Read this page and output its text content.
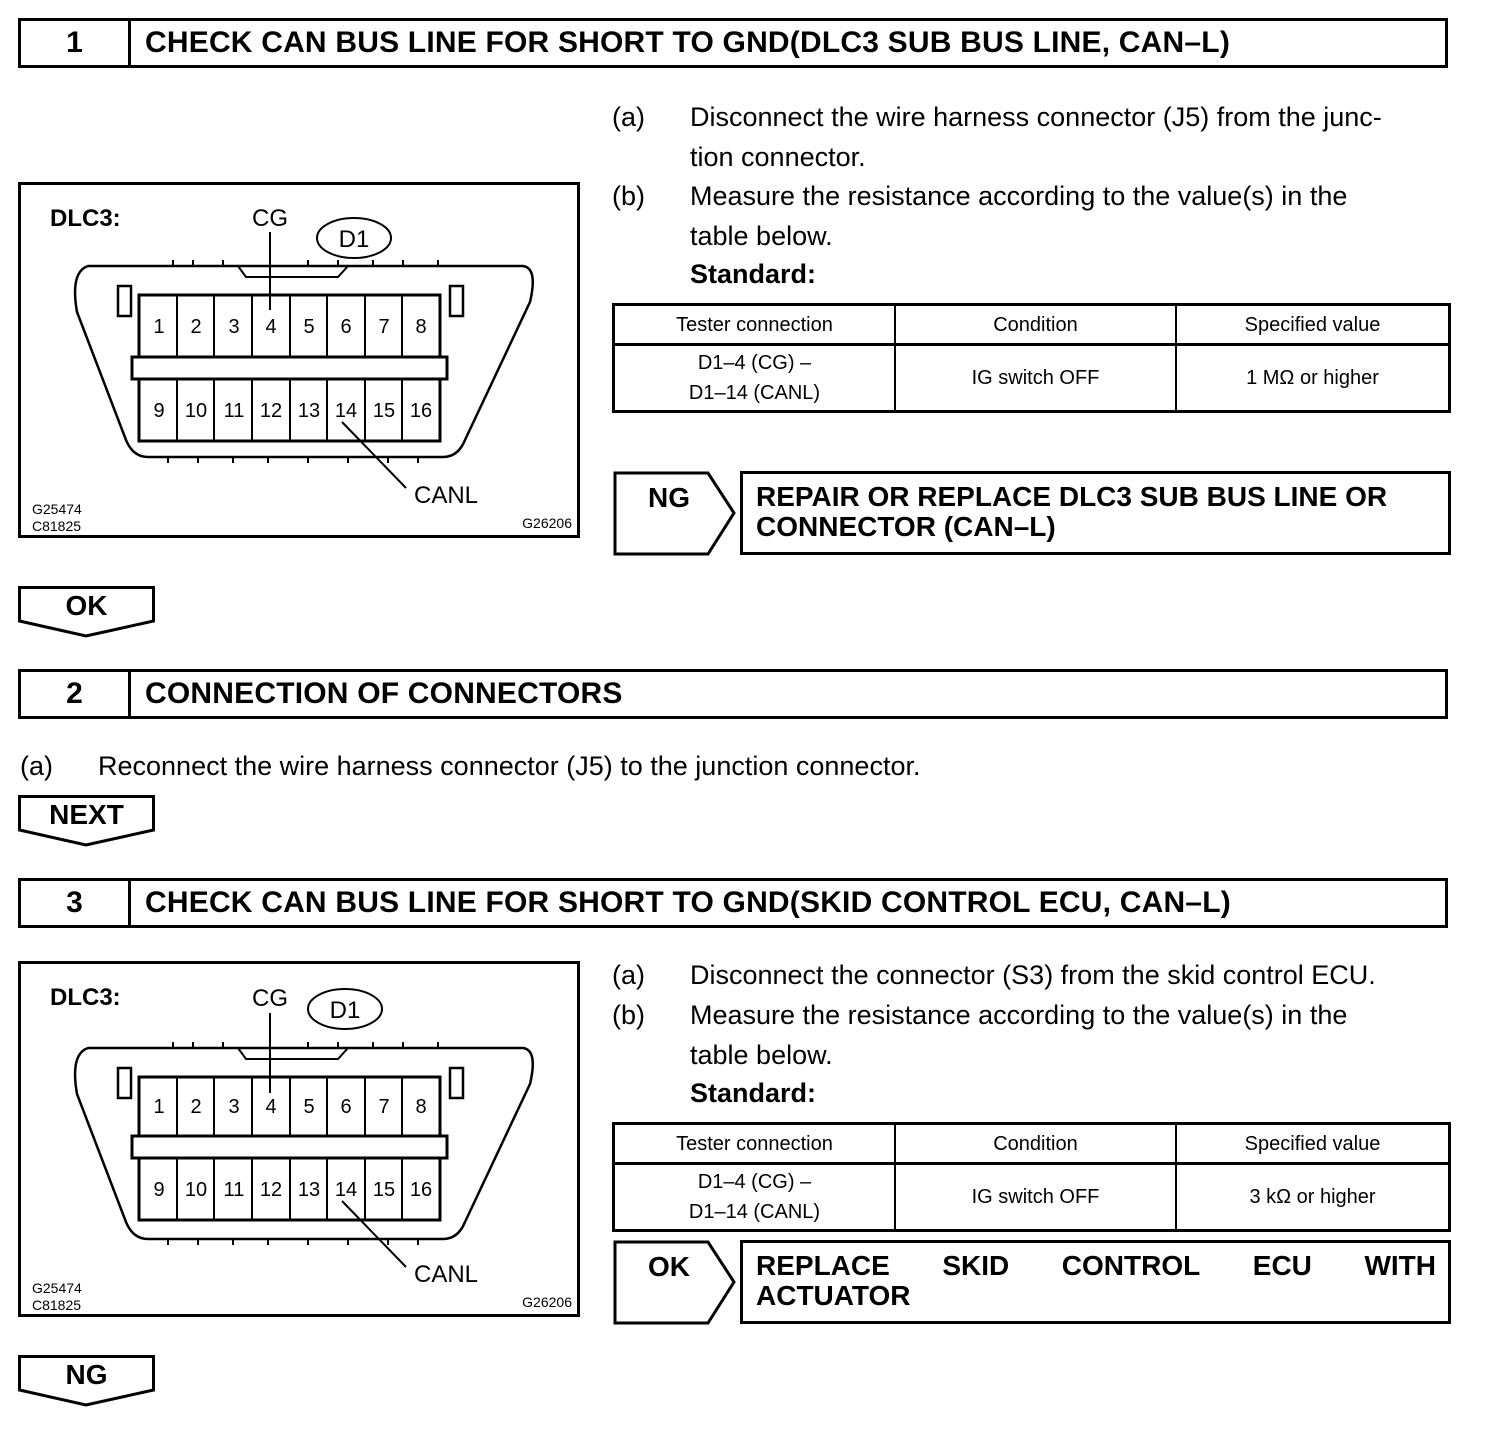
1	CHECK CAN BUS LINE FOR SHORT TO GND(DLC3 SUB BUS LINE, CAN–L)
1 2 3 4 5 6 7 8
9 10 11 12 13 14 15 16
DLC3:	CG
D1
CANL
G25474
C81825	G26206
(a) Disconnect the wire harness connector (J5) from the junc-
tion connector.
(b) Measure the resistance according to the value(s) in the
table below.
Standard:
Tester connection	Condition	Specified value

D1–4 (CG) –
D1–14 (CANL)	IG switch OFF	1 MΩ or higher
NG REPAIR OR REPLACE DLC3 SUB BUS LINE OR
CONNECTOR (CAN–L)
OK
2	CONNECTION OF CONNECTORS
(a) Reconnect the wire harness connector (J5) to the junction connector.
NEXT
3	CHECK CAN BUS LINE FOR SHORT TO GND(SKID CONTROL ECU, CAN–L)
1 2 3 4 5 6 7 8
9 10 11 12 13 14 15 16
DLC3:	CG D1
CANL
G25474
C81825	G26206
(a) Disconnect the connector (S3) from the skid control ECU.
(b) Measure the resistance according to the value(s) in the
table below.
Standard:
Tester connection	Condition	Specified value

D1–4 (CG) –
D1–14 (CANL)	IG switch OFF	3 kΩ or higher
OK REPLACE SKID CONTROL ECU WITH
ACTUATOR
NG
